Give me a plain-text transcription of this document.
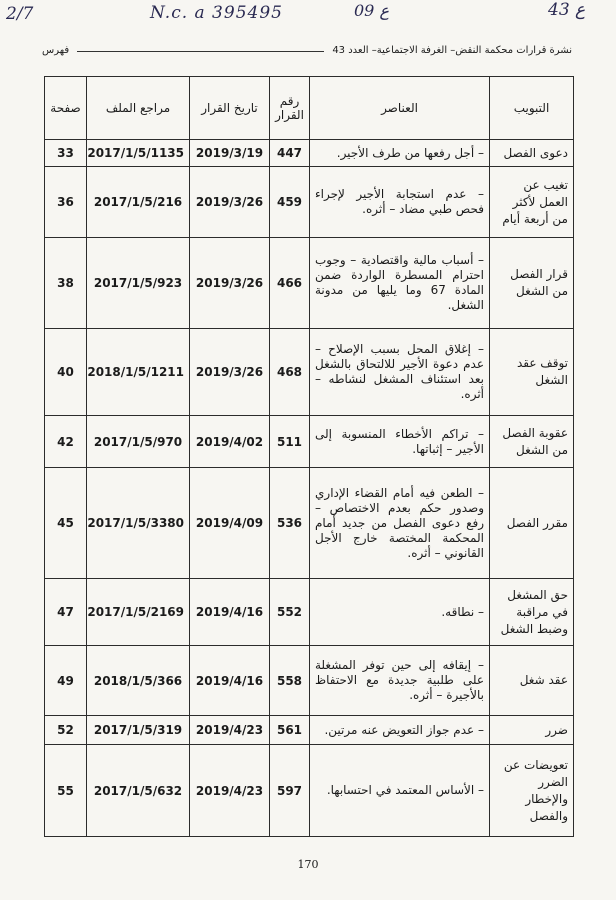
2/7	N.c. a 395495	09 ع	43 ع
نشرة قرارات محكمة النقض– الغرفة الاجتماعية– العدد 43
فهرس
التبويب	العناصر	رقم القرار	تاريخ القرار	مراجع الملف	صفحة
دعوى الفصل	– أجل رفعها من طرف الأجير.	447	2019/3/19	2017/1/5/1135	33
تغيب عن العمل لأكثر من أربعة أيام	– عدم استجابة الأجير لإجراء فحص طبي مضاد – أثره.	459	2019/3/26	2017/1/5/216	36
قرار الفصل من الشغل	– أسباب مالية واقتصادية – وجوب احترام المسطرة الواردة ضمن المادة 67 وما يليها من مدونة الشغل.	466	2019/3/26	2017/1/5/923	38
توقف عقد الشغل	– إغلاق المحل بسبب الإصلاح – عدم دعوة الأجير للالتحاق بالشغل بعد استئناف المشغل لنشاطه – أثره.	468	2019/3/26	2018/1/5/1211	40
عقوبة الفصل من الشغل	– تراكم الأخطاء المنسوبة إلى الأجير – إثباتها.	511	2019/4/02	2017/1/5/970	42
مقرر الفصل	– الطعن فيه أمام القضاء الإداري وصدور حكم بعدم الاختصاص – رفع دعوى الفصل من جديد أمام المحكمة المختصة خارج الأجل القانوني – أثره.	536	2019/4/09	2017/1/5/3380	45
حق المشغل في مراقبة وضبط الشغل	– نطاقه.	552	2019/4/16	2017/1/5/2169	47
عقد شغل	– إيقافه إلى حين توفر المشغلة على طلبية جديدة مع الاحتفاظ بالأجيرة – أثره.	558	2019/4/16	2018/1/5/366	49
ضرر	– عدم جواز التعويض عنه مرتين.	561	2019/4/23	2017/1/5/319	52
تعويضات عن الضرر والإخطار والفصل	– الأساس المعتمد في احتسابها.	597	2019/4/23	2017/1/5/632	55
170
